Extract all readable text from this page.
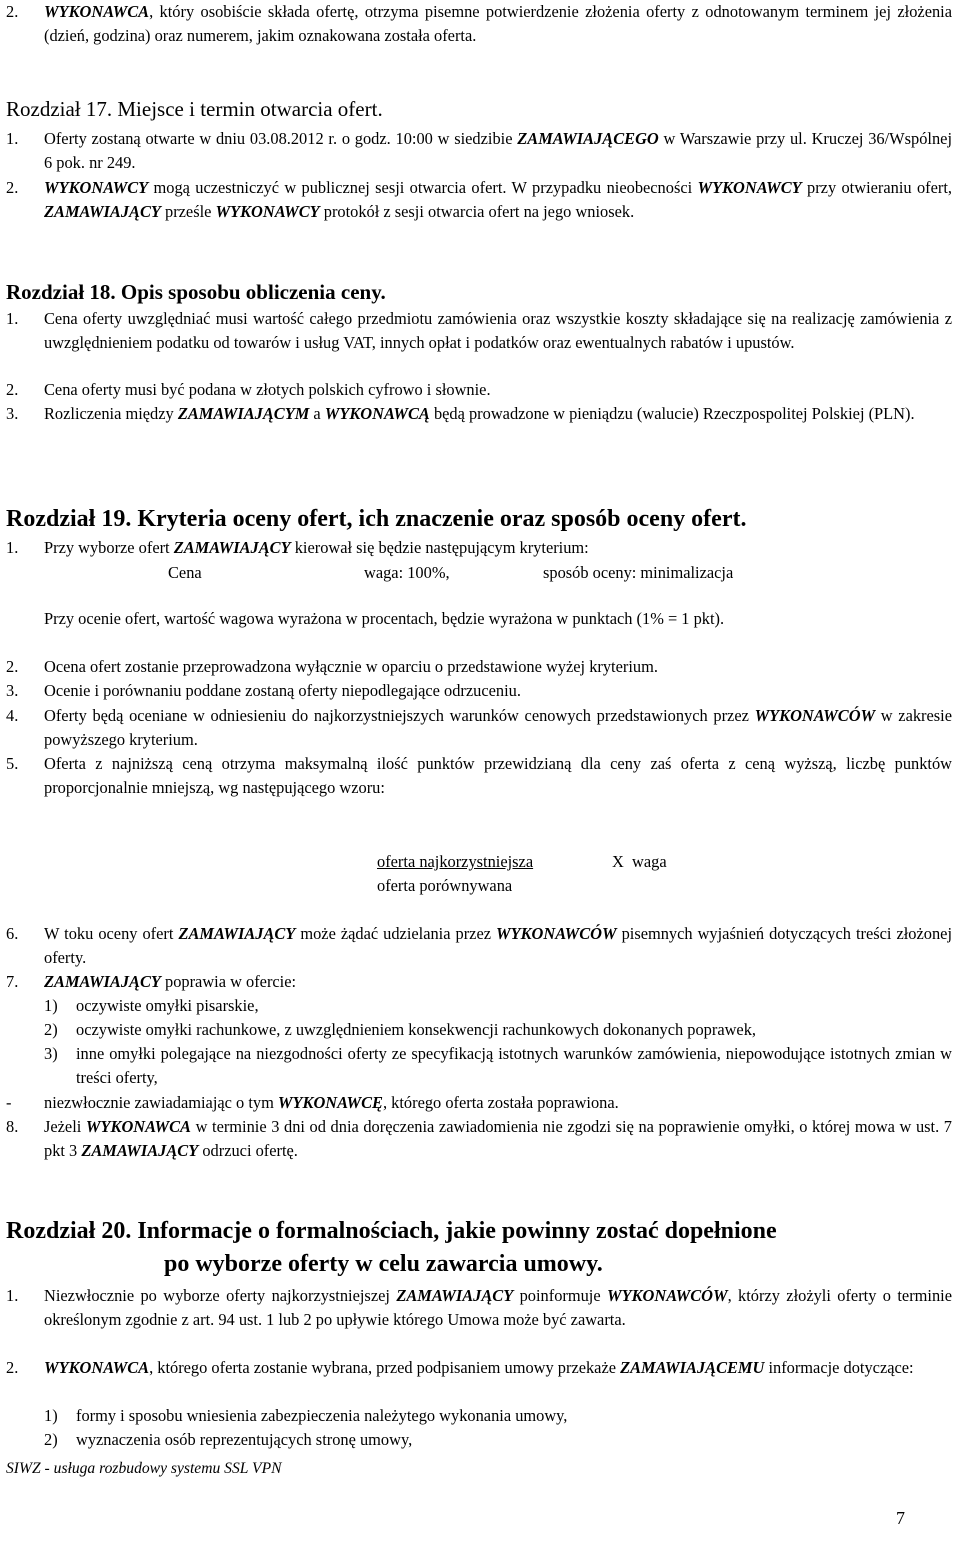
2.	WYKONAWCA, który osobiście składa ofertę, otrzyma pisemne potwierdzenie złożenia oferty z odnotowanym terminem jej złożenia (dzień, godzina) oraz numerem, jakim oznakowana została oferta.
Rozdział 17. Miejsce i termin otwarcia ofert.
1.	Oferty zostaną otwarte w dniu 03.08.2012 r. o godz. 10:00 w siedzibie ZAMAWIAJĄCEGO w Warszawie przy ul. Kruczej 36/Wspólnej 6 pok. nr 249.
2.	WYKONAWCY mogą uczestniczyć w publicznej sesji otwarcia ofert. W przypadku nieobecności WYKONAWCY przy otwieraniu ofert, ZAMAWIAJĄCY prześle WYKONAWCY protokół z sesji otwarcia ofert na jego wniosek.
Rozdział 18. Opis sposobu obliczenia ceny.
1.	Cena oferty uwzględniać musi wartość całego przedmiotu zamówienia oraz wszystkie koszty składające się na realizację zamówienia z uwzględnieniem podatku od towarów i usług VAT, innych opłat i podatków oraz ewentualnych rabatów i upustów.
2.	Cena oferty musi być podana w złotych polskich cyfrowo i słownie.
3.	Rozliczenia między ZAMAWIAJĄCYM a WYKONAWCĄ będą prowadzone w pieniądzu (walucie) Rzeczpospolitej Polskiej (PLN).
Rozdział 19. Kryteria oceny ofert, ich znaczenie oraz sposób oceny ofert.
1.	Przy wyborze ofert ZAMAWIAJĄCY kierował się będzie następującym kryterium:
Cena	waga: 100%,	sposób oceny: minimalizacja
Przy ocenie ofert, wartość wagowa wyrażona w procentach, będzie wyrażona w punktach (1% = 1 pkt).
2.	Ocena ofert zostanie przeprowadzona wyłącznie w oparciu o przedstawione wyżej kryterium.
3.	Ocenie i porównaniu poddane zostaną oferty niepodlegające odrzuceniu.
4.	Oferty będą oceniane w odniesieniu do najkorzystniejszych warunków cenowych przedstawionych przez WYKONAWCÓW w zakresie powyższego kryterium.
5.	Oferta z najniższą ceną otrzyma maksymalną ilość punktów przewidzianą dla ceny zaś oferta z ceną wyższą, liczbę punktów proporcjonalnie mniejszą, wg następującego wzoru:
oferta najkorzystniejsza	X  waga
oferta porównywana
6.	W toku oceny ofert ZAMAWIAJĄCY może żądać udzielania przez WYKONAWCÓW pisemnych wyjaśnień dotyczących treści złożonej oferty.
7.	ZAMAWIAJĄCY poprawia w ofercie:
1)	oczywiste omyłki pisarskie,
2)	oczywiste omyłki rachunkowe, z uwzględnieniem konsekwencji rachunkowych dokonanych poprawek,
3)	inne omyłki polegające na niezgodności oferty ze specyfikacją istotnych warunków zamówienia, niepowodujące istotnych zmian w treści oferty,
-	niezwłocznie zawiadamiając o tym WYKONAWCĘ, którego oferta została poprawiona.
8.	Jeżeli WYKONAWCA w terminie 3 dni od dnia doręczenia zawiadomienia nie zgodzi się na poprawienie omyłki, o której mowa w ust. 7 pkt 3 ZAMAWIAJĄCY odrzuci ofertę.
Rozdział 20. Informacje o formalnościach, jakie powinny zostać dopełnione
po wyborze oferty w celu zawarcia umowy.
1.	Niezwłocznie po wyborze oferty najkorzystniejszej ZAMAWIAJĄCY poinformuje WYKONAWCÓW, którzy złożyli oferty o terminie określonym zgodnie z art. 94 ust. 1 lub 2 po upływie którego Umowa może być zawarta.
2.	WYKONAWCA, którego oferta zostanie wybrana, przed podpisaniem umowy przekaże ZAMAWIAJĄCEMU informacje dotyczące:
1)	formy i sposobu wniesienia zabezpieczenia należytego wykonania umowy,
2)	wyznaczenia osób reprezentujących stronę umowy,
SIWZ - usługa rozbudowy systemu SSL VPN
7
